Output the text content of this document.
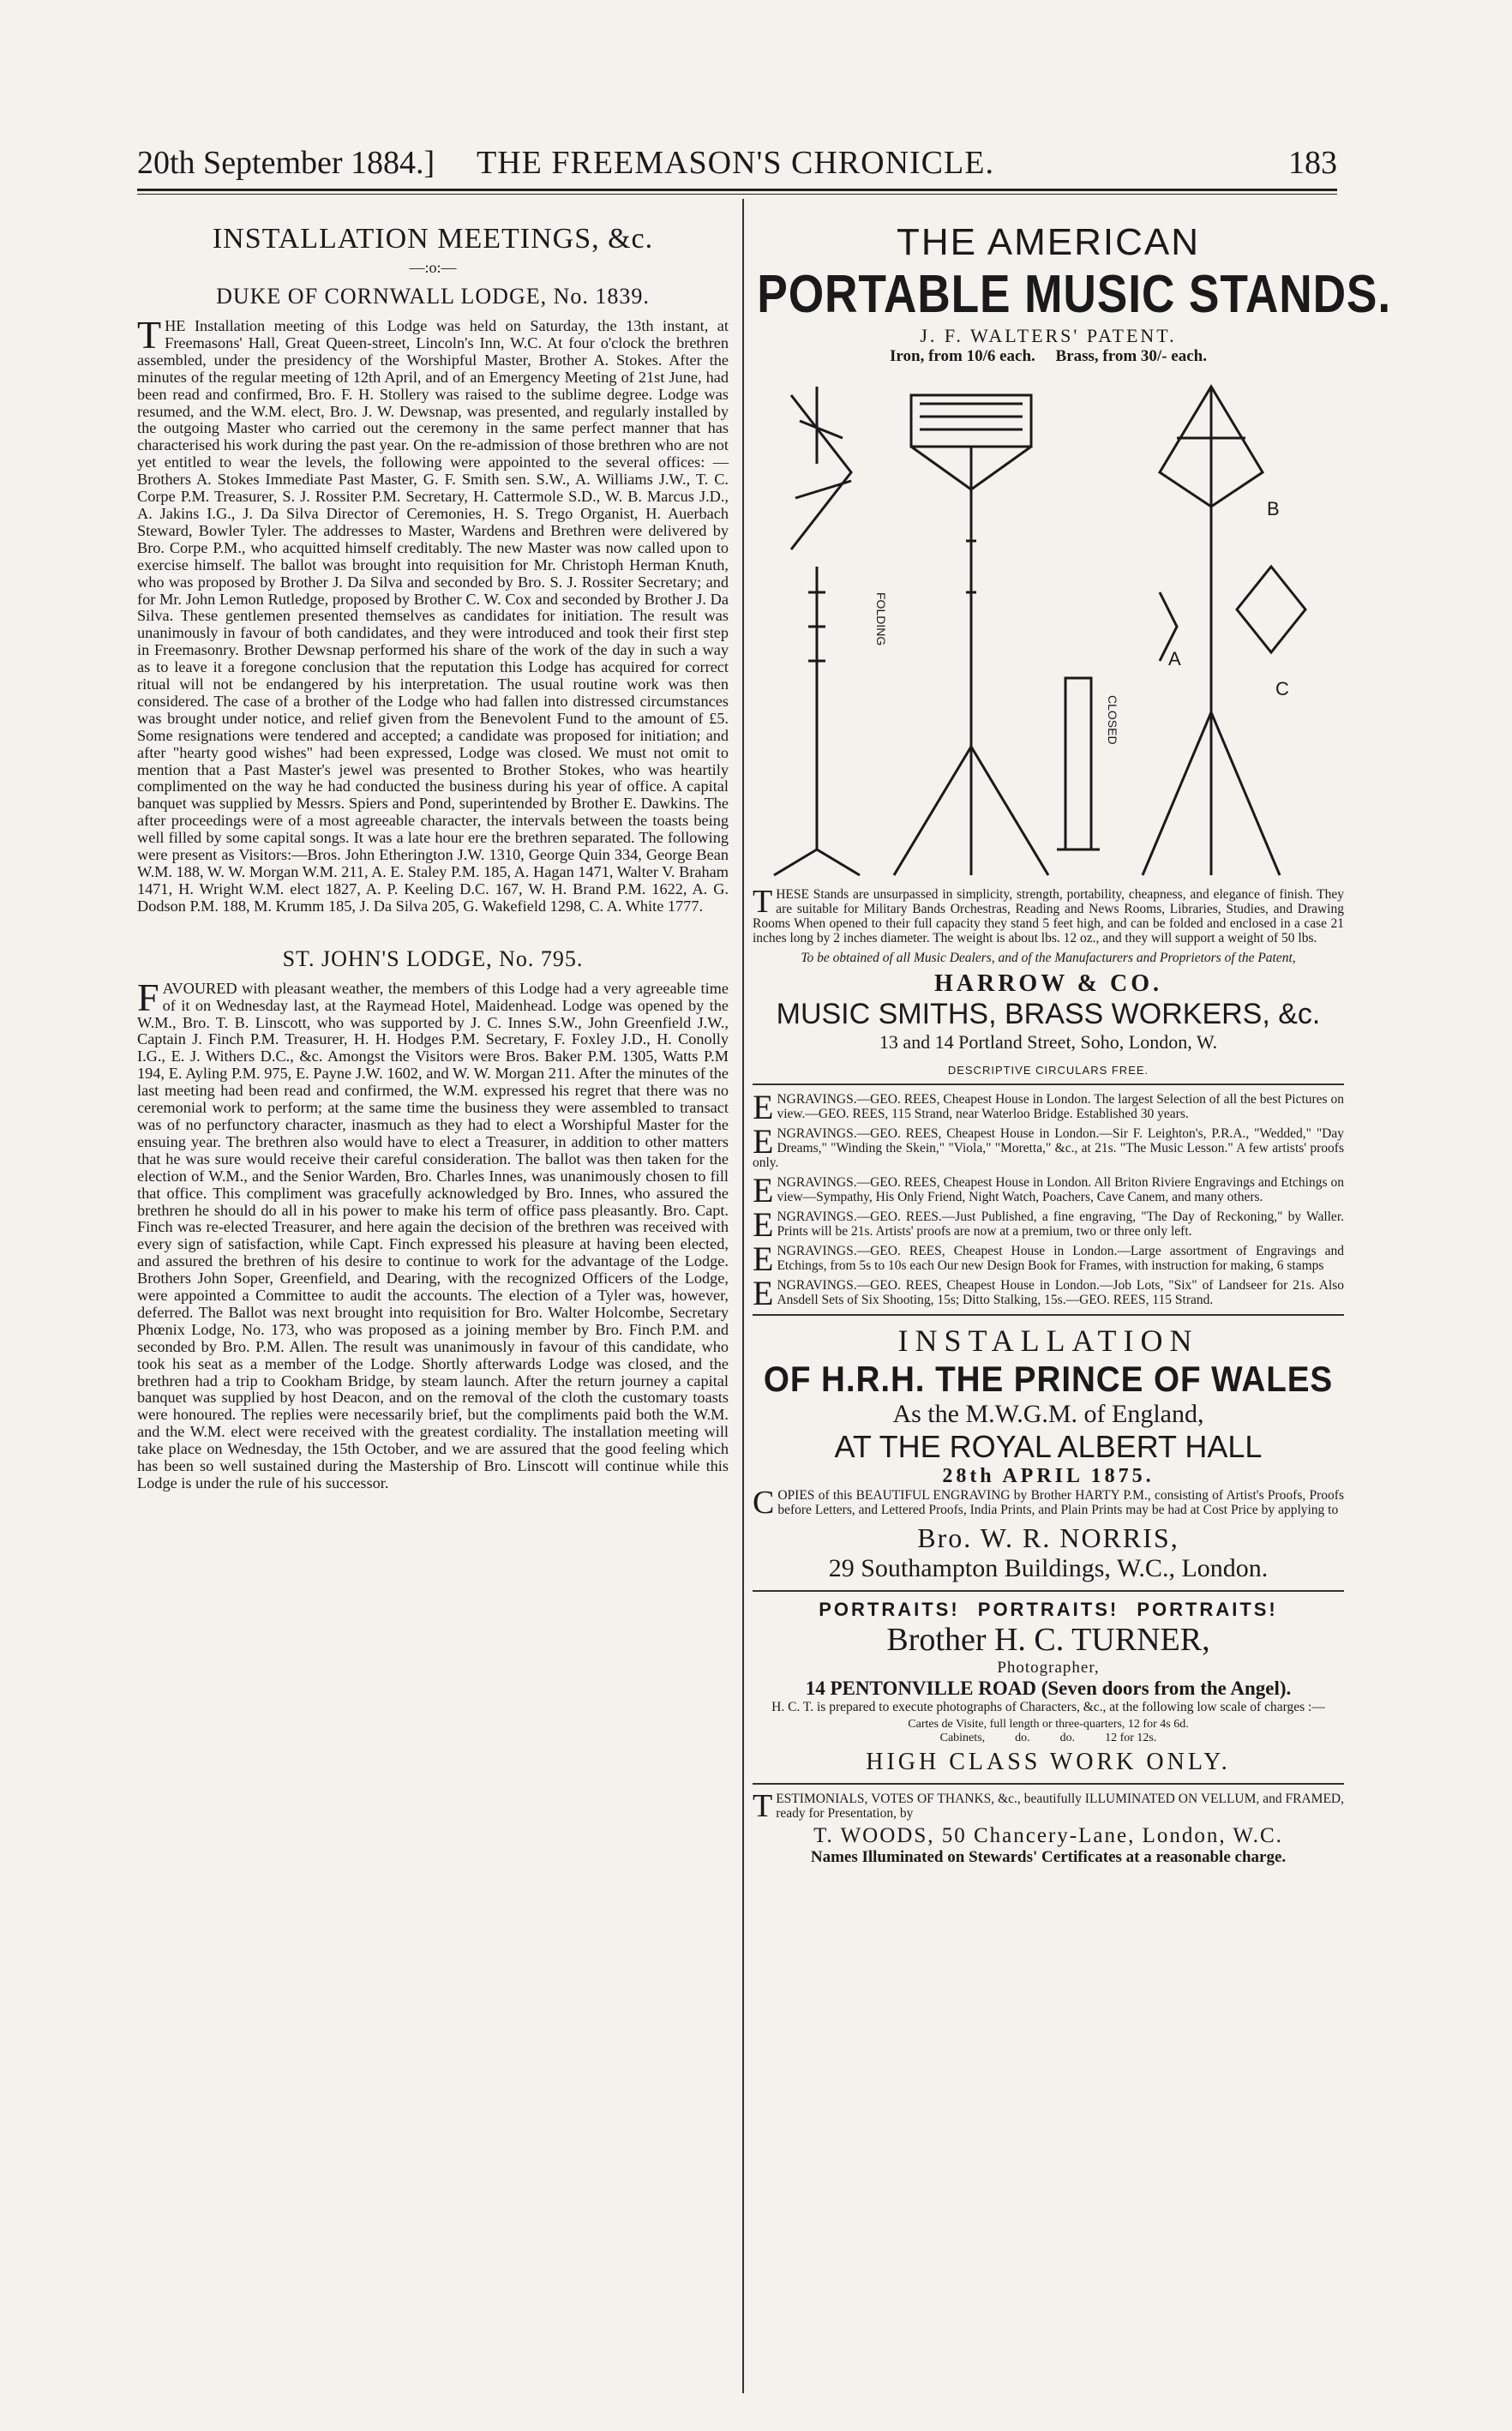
20th September 1884.] THE FREEMASON'S CHRONICLE.	183
INSTALLATION MEETINGS, &c.
—:o:—
DUKE OF CORNWALL LODGE, No. 1839.

THE Installation meeting of this Lodge was held on Saturday, the 13th instant, at Freemasons' Hall, Great Queen-street, Lincoln's Inn, W.C. At four o'clock the brethren assembled, under the presidency of the Worshipful Master, Brother A. Stokes. After the minutes of the regular meeting of 12th April, and of an Emergency Meeting of 21st June, had been read and confirmed, Bro. F. H. Stollery was raised to the sublime degree. Lodge was resumed, and the W.M. elect, Bro. J. W. Dewsnap, was presented, and regularly installed by the outgoing Master who carried out the ceremony in the same perfect manner that has characterised his work during the past year. On the re-admission of those brethren who are not yet entitled to wear the levels, the following were appointed to the several offices: — Brothers A. Stokes Immediate Past Master, G. F. Smith sen. S.W., A. Williams J.W., T. C. Corpe P.M. Treasurer, S. J. Rossiter P.M. Secretary, H. Cattermole S.D., W. B. Marcus J.D., A. Jakins I.G., J. Da Silva Director of Ceremonies, H. S. Trego Organist, H. Auerbach Steward, Bowler Tyler. The addresses to Master, Wardens and Brethren were delivered by Bro. Corpe P.M., who acquitted himself creditably. The new Master was now called upon to exercise himself. The ballot was brought into requisition for Mr. Christoph Herman Knuth, who was proposed by Brother J. Da Silva and seconded by Bro. S. J. Rossiter Secretary; and for Mr. John Lemon Rutledge, proposed by Brother C. W. Cox and seconded by Brother J. Da Silva. These gentlemen presented themselves as candidates for initiation. The result was unanimously in favour of both candidates, and they were introduced and took their first step in Freemasonry. Brother Dewsnap performed his share of the work of the day in such a way as to leave it a foregone conclusion that the reputation this Lodge has acquired for correct ritual will not be endangered by his interpretation. The usual routine work was then considered. The case of a brother of the Lodge who had fallen into distressed circumstances was brought under notice, and relief given from the Benevolent Fund to the amount of £5. Some resignations were tendered and accepted; a candidate was proposed for initiation; and after "hearty good wishes" had been expressed, Lodge was closed. We must not omit to mention that a Past Master's jewel was presented to Brother Stokes, who was heartily complimented on the way he had conducted the business during his year of office. A capital banquet was supplied by Messrs. Spiers and Pond, superintended by Brother E. Dawkins. The after proceedings were of a most agreeable character, the intervals between the toasts being well filled by some capital songs. It was a late hour ere the brethren separated. The following were present as Visitors:—Bros. John Etherington J.W. 1310, George Quin 334, George Bean W.M. 188, W. W. Morgan W.M. 211, A. E. Staley P.M. 185, A. Hagan 1471, Walter V. Braham 1471, H. Wright W.M. elect 1827, A. P. Keeling D.C. 167, W. H. Brand P.M. 1622, A. G. Dodson P.M. 188, M. Krumm 185, J. Da Silva 205, G. Wakefield 1298, C. A. White 1777.

ST. JOHN'S LODGE, No. 795.

FAVOURED with pleasant weather, the members of this Lodge had a very agreeable time of it on Wednesday last, at the Raymead Hotel, Maidenhead. Lodge was opened by the W.M., Bro. T. B. Linscott, who was supported by J. C. Innes S.W., John Greenfield J.W., Captain J. Finch P.M. Treasurer, H. H. Hodges P.M. Secretary, F. Foxley J.D., H. Conolly I.G., E. J. Withers D.C., &c. Amongst the Visitors were Bros. Baker P.M. 1305, Watts P.M 194, E. Ayling P.M. 975, E. Payne J.W. 1602, and W. W. Morgan 211. After the minutes of the last meeting had been read and confirmed, the W.M. expressed his regret that there was no ceremonial work to perform; at the same time the business they were assembled to transact was of no perfunctory character, inasmuch as they had to elect a Worshipful Master for the ensuing year. The brethren also would have to elect a Treasurer, in addition to other matters that he was sure would receive their careful consideration. The ballot was then taken for the election of W.M., and the Senior Warden, Bro. Charles Innes, was unanimously chosen to fill that office. This compliment was gracefully acknowledged by Bro. Innes, who assured the brethren he should do all in his power to make his term of office pass pleasantly. Bro. Capt. Finch was re-elected Treasurer, and here again the decision of the brethren was received with every sign of satisfaction, while Capt. Finch expressed his pleasure at having been elected, and assured the brethren of his desire to continue to work for the advantage of the Lodge. Brothers John Soper, Greenfield, and Dearing, with the recognized Officers of the Lodge, were appointed a Committee to audit the accounts. The election of a Tyler was, however, deferred. The Ballot was next brought into requisition for Bro. Walter Holcombe, Secretary Phœnix Lodge, No. 173, who was proposed as a joining member by Bro. Finch P.M. and seconded by Bro. P.M. Allen. The result was unanimously in favour of this candidate, who took his seat as a member of the Lodge. Shortly afterwards Lodge was closed, and the brethren had a trip to Cookham Bridge, by steam launch. After the return journey a capital banquet was supplied by host Deacon, and on the removal of the cloth the customary toasts were honoured. The replies were necessarily brief, but the compliments paid both the W.M. and the W.M. elect were received with the greatest cordiality. The installation meeting will take place on Wednesday, the 15th October, and we are assured that the good feeling which has been so well sustained during the Mastership of Bro. Linscott will continue while this Lodge is under the rule of his successor.

THE AMERICAN
PORTABLE MUSIC STANDS.
J. F. WALTERS' PATENT.
Iron, from 10/6 each.     Brass, from 30/- each.
FOLDING
CLOSED
A
B
C

THESE Stands are unsurpassed in simplicity, strength, portability, cheapness, and elegance of finish. They are suitable for Military Bands Orchestras, Reading and News Rooms, Libraries, Studies, and Drawing Rooms When opened to their full capacity they stand 5 feet high, and can be folded and enclosed in a case 21 inches long by 2 inches diameter. The weight is about lbs. 12 oz., and they will support a weight of 50 lbs.

To be obtained of all Music Dealers, and of the Manufacturers and Proprietors of the Patent,
HARROW & CO.
MUSIC SMITHS, BRASS WORKERS, &c.
13 and 14 Portland Street, Soho, London, W.
DESCRIPTIVE CIRCULARS FREE.

ENGRAVINGS.—GEO. REES, Cheapest House in London. The largest Selection of all the best Pictures on view.—GEO. REES, 115 Strand, near Waterloo Bridge. Established 30 years.

ENGRAVINGS.—GEO. REES, Cheapest House in London.—Sir F. Leighton's, P.R.A., "Wedded," "Day Dreams," "Winding the Skein," "Viola," "Moretta," &c., at 21s. "The Music Lesson." A few artists' proofs only.

ENGRAVINGS.—GEO. REES, Cheapest House in London. All Briton Riviere Engravings and Etchings on view—Sympathy, His Only Friend, Night Watch, Poachers, Cave Canem, and many others.

ENGRAVINGS.—GEO. REES.—Just Published, a fine engraving, "The Day of Reckoning," by Waller. Prints will be 21s. Artists' proofs are now at a premium, two or three only left.

ENGRAVINGS.—GEO. REES, Cheapest House in London.—Large assortment of Engravings and Etchings, from 5s to 10s each Our new Design Book for Frames, with instruction for making, 6 stamps

ENGRAVINGS.—GEO. REES, Cheapest House in London.—Job Lots, "Six" of Landseer for 21s. Also Ansdell Sets of Six Shooting, 15s; Ditto Stalking, 15s.—GEO. REES, 115 Strand.

INSTALLATION
OF H.R.H. THE PRINCE OF WALES
As the M.W.G.M. of England,
AT THE ROYAL ALBERT HALL
28th APRIL 1875.

COPIES of this BEAUTIFUL ENGRAVING by Brother HARTY P.M., consisting of Artist's Proofs, Proofs before Letters, and Lettered Proofs, India Prints, and Plain Prints may be had at Cost Price by applying to

Bro. W. R. NORRIS,
29 Southampton Buildings, W.C., London.
PORTRAITS! PORTRAITS! PORTRAITS!
Brother H. C. TURNER,
Photographer,
14 PENTONVILLE ROAD (Seven doors from the Angel).
H. C. T. is prepared to execute photographs of Characters, &c., at the following low scale of charges :—
Cartes de Visite, full length or three-quarters, 12 for 4s 6d.
Cabinets,          do.          do.          12 for 12s.
HIGH CLASS WORK ONLY.

TESTIMONIALS, VOTES OF THANKS, &c., beautifully ILLUMINATED ON VELLUM, and FRAMED, ready for Presentation, by

T. WOODS, 50 Chancery-Lane, London, W.C.
Names Illuminated on Stewards' Certificates at a reasonable charge.
